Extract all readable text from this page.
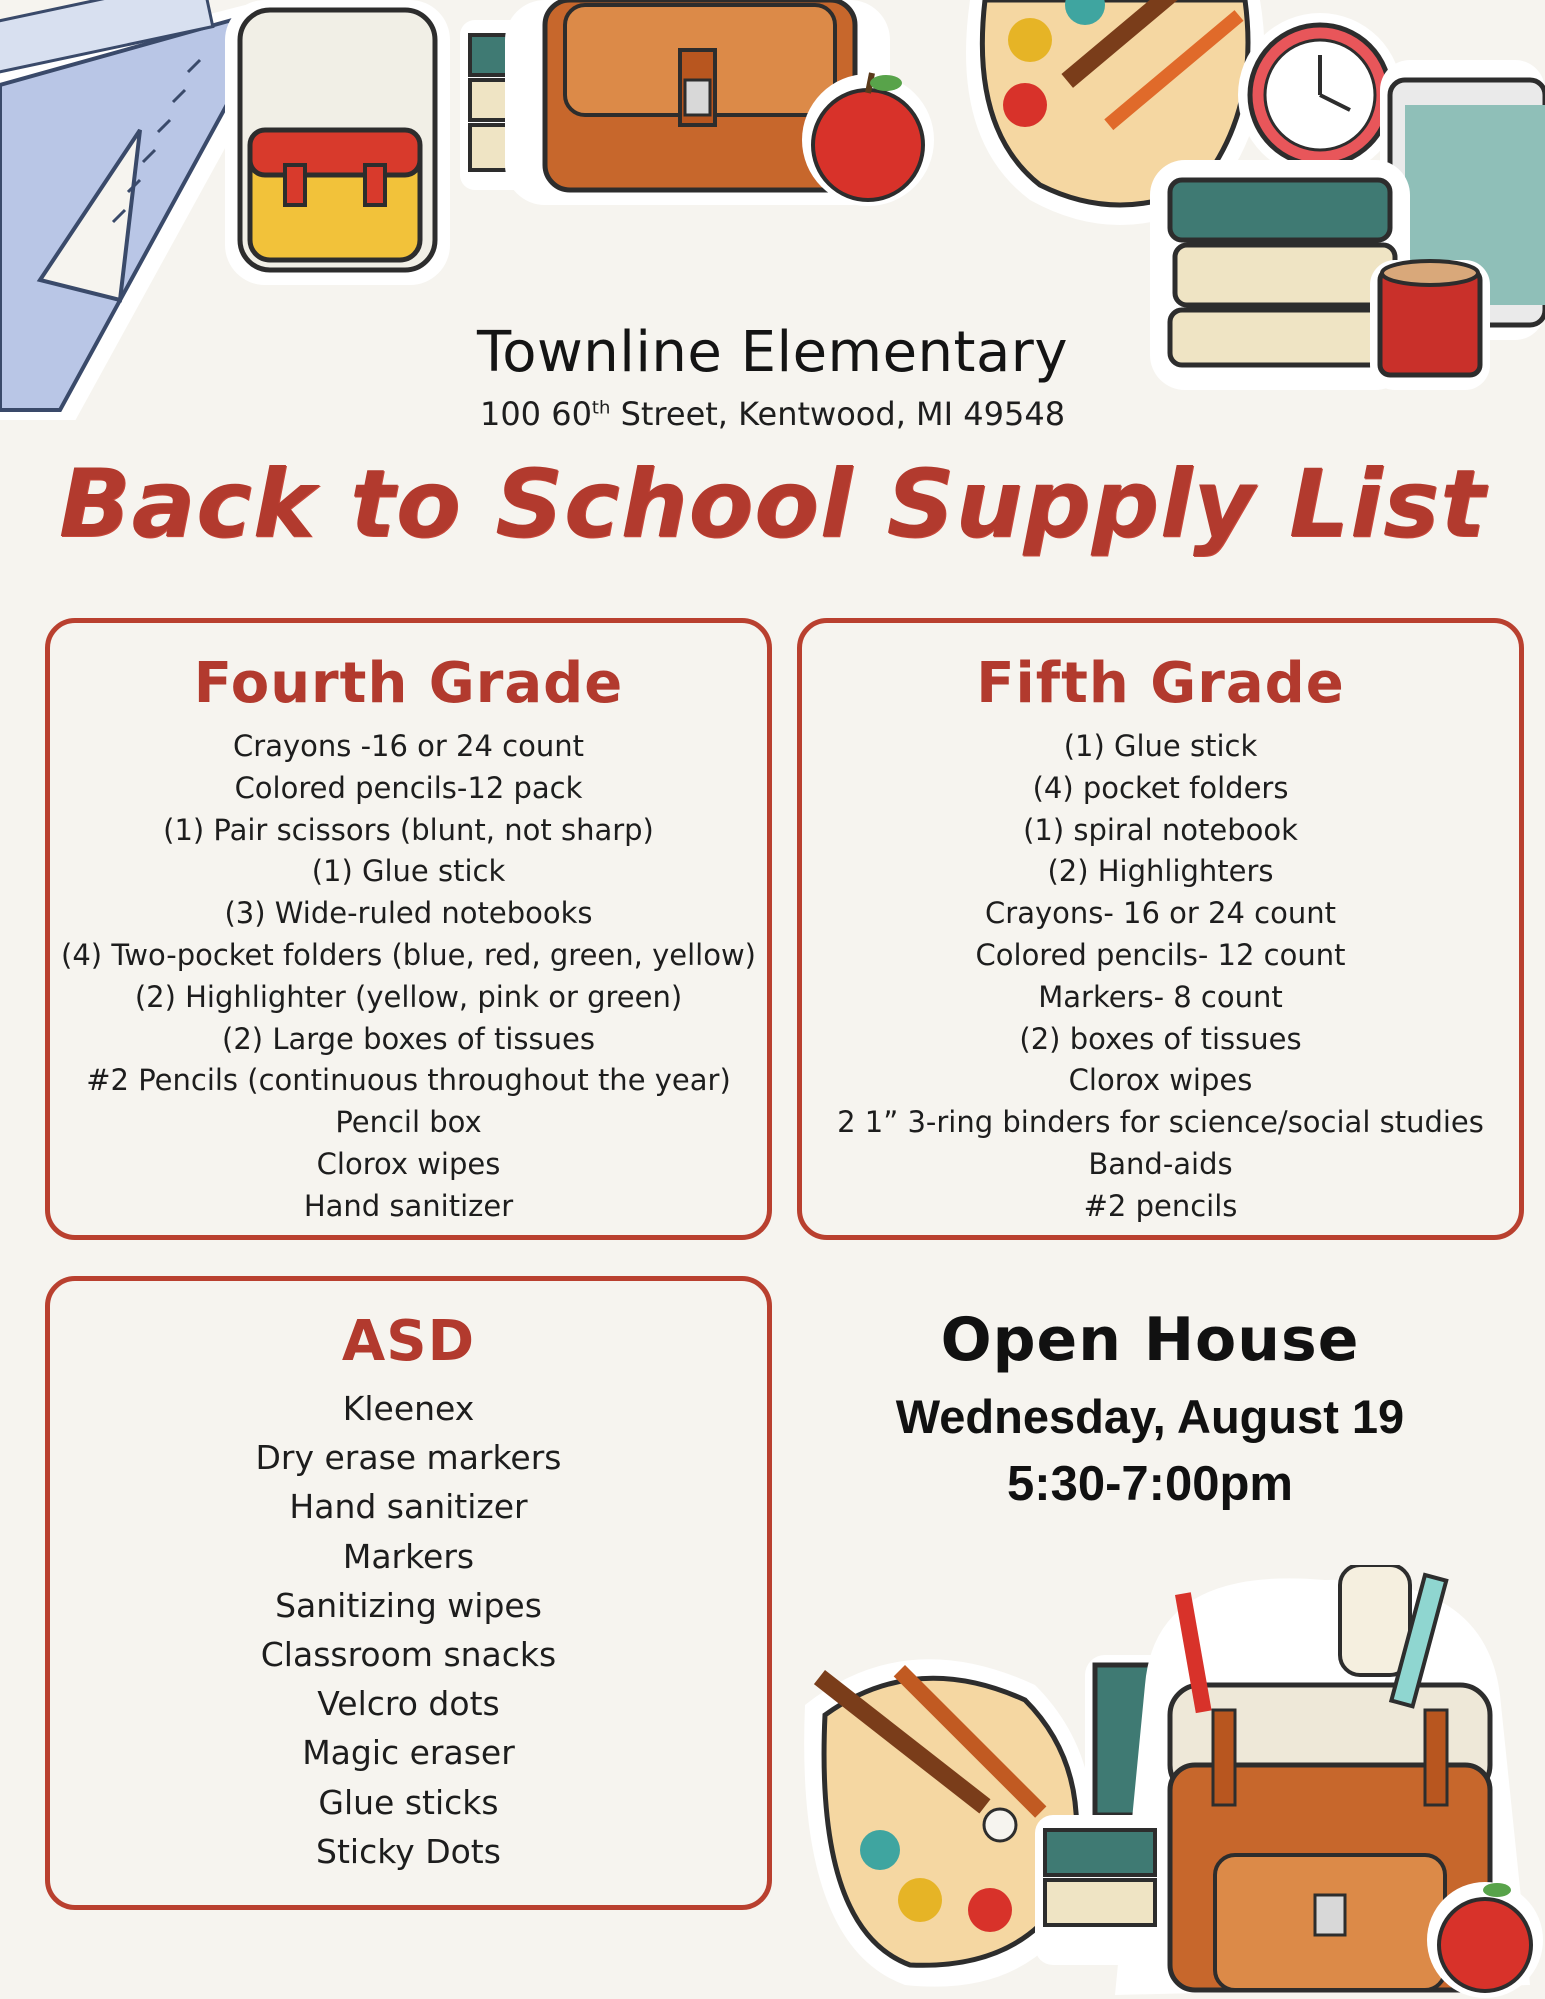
Townline Elementary
100 60th Street, Kentwood, MI 49548
Back to School Supply List
Fourth Grade
Crayons -16 or 24 count
Colored pencils-12 pack
(1) Pair scissors (blunt, not sharp)
(1) Glue stick
(3) Wide-ruled notebooks
(4) Two-pocket folders (blue, red, green, yellow)
(2) Highlighter (yellow, pink or green)
(2) Large boxes of tissues
#2 Pencils (continuous throughout the year)
Pencil box
Clorox wipes
Hand sanitizer
Fifth Grade
(1) Glue stick
(4) pocket folders
(1) spiral notebook
(2) Highlighters
Crayons- 16 or 24 count
Colored pencils- 12 count
Markers- 8 count
(2) boxes of tissues
Clorox wipes
2 1” 3-ring binders for science/social studies
Band-aids
#2 pencils
ASD
Kleenex
Dry erase markers
Hand sanitizer
Markers
Sanitizing wipes
Classroom snacks
Velcro dots
Magic eraser
Glue sticks
Sticky Dots
Open House
Wednesday, August 19
5:30-7:00pm
